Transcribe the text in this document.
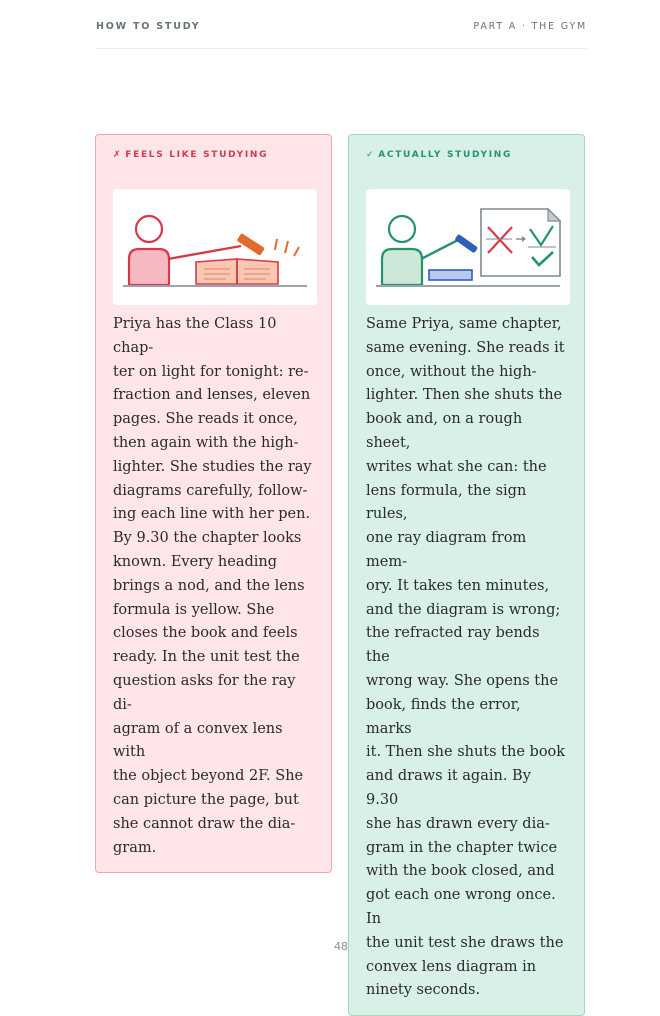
HOW TO STUDY	PART A · THE GYM
✗ FEELS LIKE STUDYING
Priya has the Class 10 chap-
ter on light for tonight: re-
fraction and lenses, eleven
pages. She reads it once,
then again with the high-
lighter. She studies the ray
diagrams carefully, follow-
ing each line with her pen.
By 9.30 the chapter looks
known. Every heading
brings a nod, and the lens
formula is yellow. She
closes the book and feels
ready. In the unit test the
question asks for the ray di-
agram of a convex lens with
the object beyond 2F. She
can picture the page, but
she cannot draw the dia-
gram.
✓ ACTUALLY STUDYING
Same Priya, same chapter,
same evening. She reads it
once, without the high-
lighter. Then she shuts the
book and, on a rough sheet,
writes what she can: the
lens formula, the sign rules,
one ray diagram from mem-
ory. It takes ten minutes,
and the diagram is wrong;
the refracted ray bends the
wrong way. She opens the
book, finds the error, marks
it. Then she shuts the book
and draws it again. By 9.30
she has drawn every dia-
gram in the chapter twice
with the book closed, and
got each one wrong once. In
the unit test she draws the
convex lens diagram in
ninety seconds.
48
